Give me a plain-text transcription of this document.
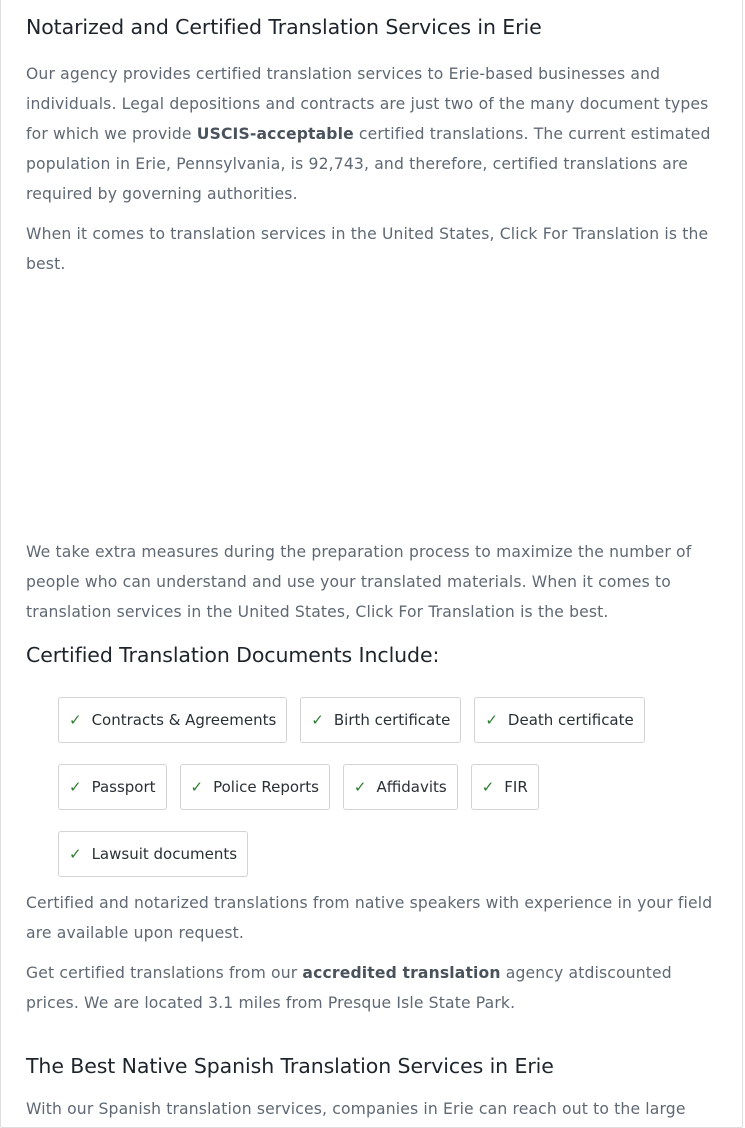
Notarized and Certified Translation Services in Erie

Our agency provides certified translation services to Erie-based businesses and individuals. Legal depositions and contracts are just two of the many document types for which we provide USCIS-acceptable certified translations. The current estimated population in Erie, Pennsylvania, is 92,743, and therefore, certified translations are required by governing authorities.

When it comes to translation services in the United States, Click For Translation is the best.

We take extra measures during the preparation process to maximize the number of people who can understand and use your translated materials. When it comes to translation services in the United States, Click For Translation is the best.

Certified Translation Documents Include:
✓ Contracts & Agreements ✓ Birth certificate ✓ Death certificate
✓ Passport ✓ Police Reports ✓ Affidavits ✓ FIR
✓ Lawsuit documents

Certified and notarized translations from native speakers with experience in your field are available upon request.

Get certified translations from our accredited translation agency atdiscounted prices. We are located 3.1 miles from Presque Isle State Park.

The Best Native Spanish Translation Services in Erie

With our Spanish translation services, companies in Erie can reach out to the large
